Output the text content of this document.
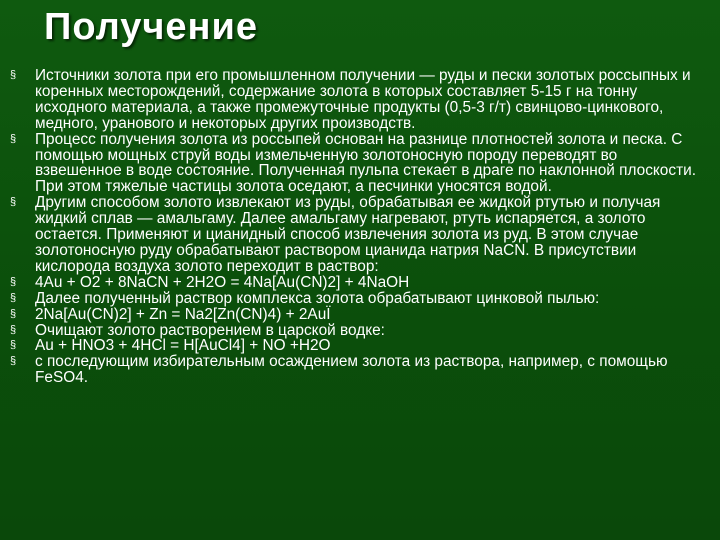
Получение
§ Источники золота при его промышленном получении — руды и пески золотых россыпных и коренных месторождений, содержание золота в которых составляет 5-15 г на тонну исходного материала, а также промежуточные продукты (0,5-3 г/т) свинцово-цинкового, медного, уранового и некоторых других производств.
§ Процесс получения золота из россыпей основан на разнице плотностей золота и песка. С помощью мощных струй воды измельченную золотоносную породу переводят во взвешенное в воде состояние. Полученная пульпа стекает в драге по наклонной плоскости. При этом тяжелые частицы золота оседают, а песчинки уносятся водой.
§ Другим способом золото извлекают из руды, обрабатывая ее жидкой ртутью и получая жидкий сплав — амальгаму. Далее амальгаму нагревают, ртуть испаряется, а золото остается. Применяют и цианидный способ извлечения золота из руд. В этом случае золотоносную руду обрабатывают раствором цианида натрия NaCN. В присутствии кислорода воздуха золото переходит в раствор:
§ 4Au + O2 + 8NaCN + 2H2O = 4Na[Au(CN)2] + 4NaOH
§ Далее полученный раствор комплекса золота обрабатывают цинковой пылью:
§ 2Na[Au(CN)2] + Zn = Na2[Zn(CN)4) + 2AuЇ
§ Очищают золото растворением в царской водке:
§ Au + HNO3 + 4HCl = H[AuCl4] + NO +H2O
§ с последующим избирательным осаждением золота из раствора, например, с помощью FeSO4.
